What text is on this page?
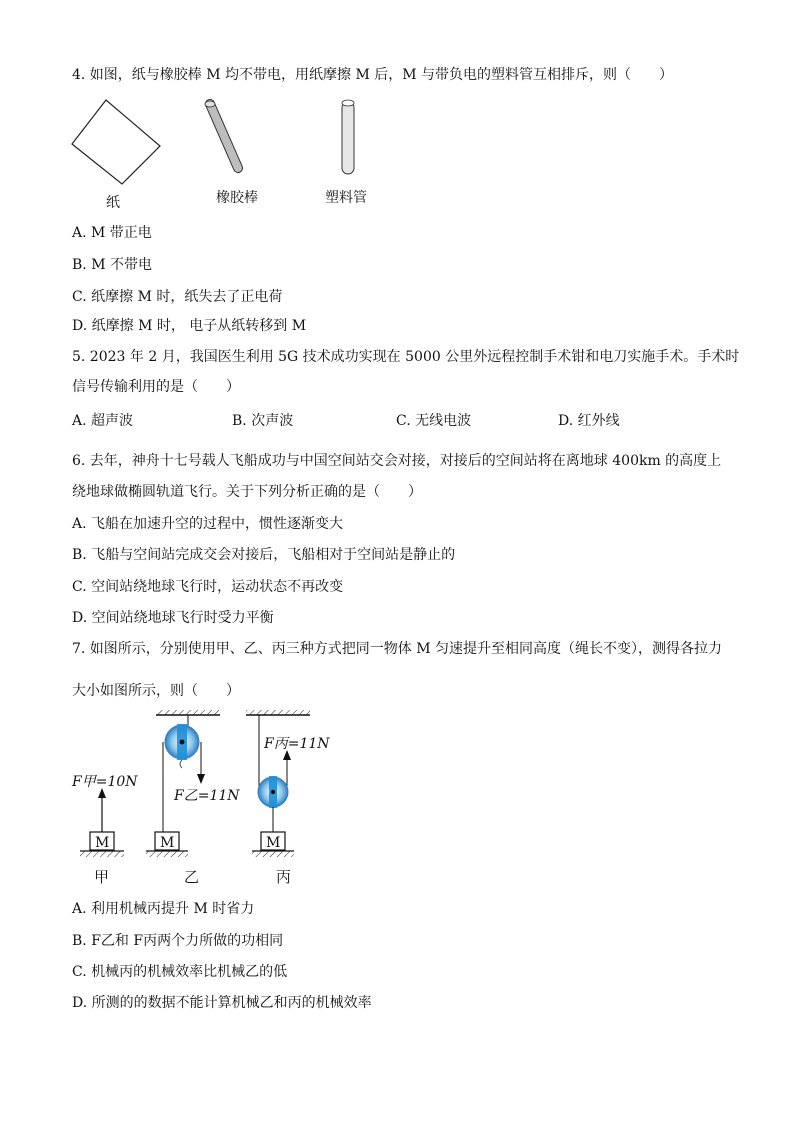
4. 如图，纸与橡胶棒 M 均不带电，用纸摩擦 M 后，M 与带负电的塑料管互相排斥，则（　　）
纸	橡胶棒	塑料管
A. M 带正电
B. M 不带电
C. 纸摩擦 M 时，纸失去了正电荷
D. 纸摩擦 M 时， 电子从纸转移到 M
5. 2023 年 2 月，我国医生利用 5G 技术成功实现在 5000 公里外远程控制手术钳和电刀实施手术。手术时
信号传输利用的是（　　）
A. 超声波	B. 次声波	C. 无线电波	D. 红外线
6. 去年，神舟十七号载人飞船成功与中国空间站交会对接，对接后的空间站将在离地球 400km 的高度上
绕地球做椭圆轨道飞行。关于下列分析正确的是（　　）
A. 飞船在加速升空的过程中，惯性逐渐变大
B. 飞船与空间站完成交会对接后，飞船相对于空间站是静止的
C. 空间站绕地球飞行时，运动状态不再改变
D. 空间站绕地球飞行时受力平衡
7. 如图所示，分别使用甲、乙、丙三种方式把同一物体 M 匀速提升至相同高度（绳长不变），测得各拉力
大小如图所示，则（　　）
M
F甲=10N
甲
M
F乙=11N
乙
M
F丙=11N
丙
A. 利用机械丙提升 M 时省力
B. F乙和 F丙两个力所做的功相同
C. 机械丙的机械效率比机械乙的低
D. 所测的的数据不能计算机械乙和丙的机械效率
